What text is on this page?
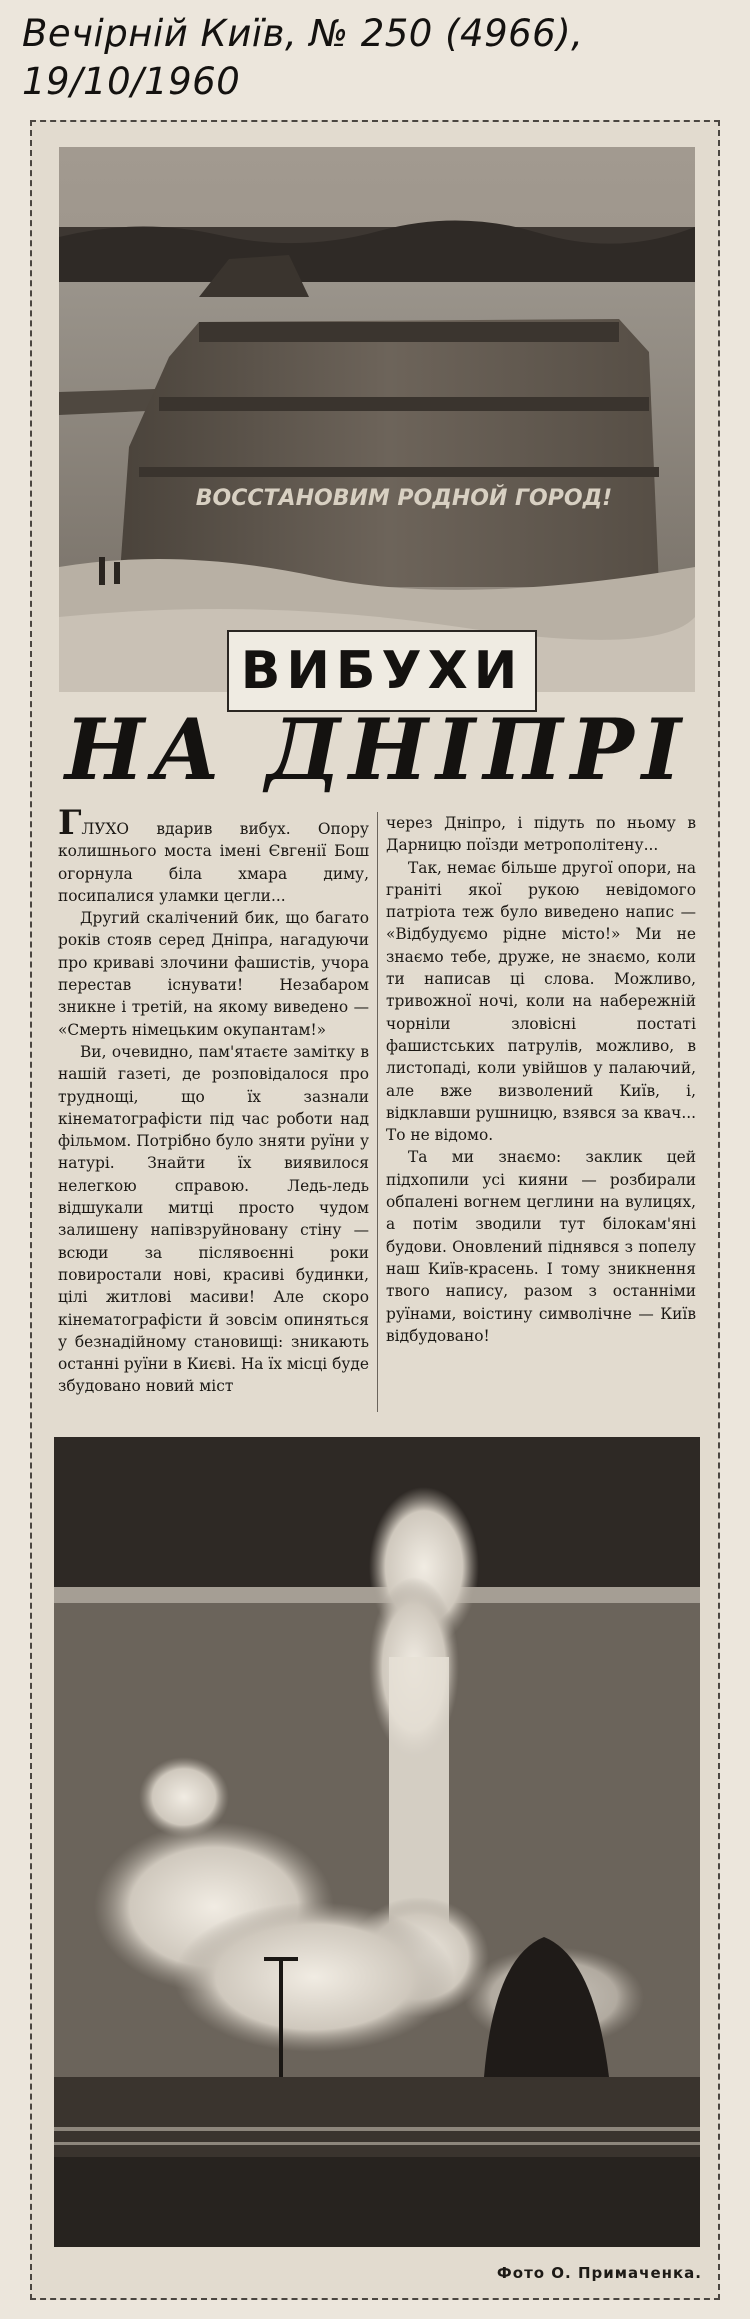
Вечірній Київ, № 250 (4966), 19/10/1960
ВОССТАНОВИМ РОДНОЙ ГОРОД!
ВИБУХИ
НА ДНІПРІ

ГЛУХО вдарив вибух. Опору колишнього моста імені Євгенії Бош огорнула біла хмара диму, посипалися уламки цегли...

Другий скалічений бик, що багато років стояв серед Дніпра, нагадуючи про криваві злочини фашистів, учора перестав існувати! Незабаром зникне і третій, на якому виведено — «Смерть німецьким окупантам!»

Ви, очевидно, пам'ятаєте замітку в нашій газеті, де розповідалося про труднощі, що їх зазнали кінематографісти під час роботи над фільмом. Потрібно було зняти руїни у натурі. Знайти їх виявилося нелегкою справою. Ледь-ледь відшукали митці просто чудом залишену напівзруйновану стіну — всюди за післявоєнні роки повиростали нові, красиві будинки, цілі житлові масиви! Але скоро кінематографісти й зовсім опиняться у безнадійному становищі: зникають останні руїни в Києві. На їх місці буде збудовано новий міст

через Дніпро, і підуть по ньому в Дарницю поїзди метрополітену...

Так, немає більше другої опори, на граніті якої рукою невідомого патріота теж було виведено напис — «Відбудуємо рідне місто!» Ми не знаємо тебе, друже, не знаємо, коли ти написав ці слова. Можливо, тривожної ночі, коли на набережній чорніли зловісні постаті фашистських патрулів, можливо, в листопаді, коли увійшов у палаючий, але вже визволений Київ, і, відклавши рушницю, взявся за квач... То не відомо.

Та ми знаємо: заклик цей підхопили усі кияни — розбирали обпалені вогнем цеглини на вулицях, а потім зводили тут білокам'яні будови. Оновлений піднявся з попелу наш Київ-красень. І тому зникнення твого напису, разом з останніми руїнами, воістину символічне — Київ відбудовано!

Фото О. Примаченка.
